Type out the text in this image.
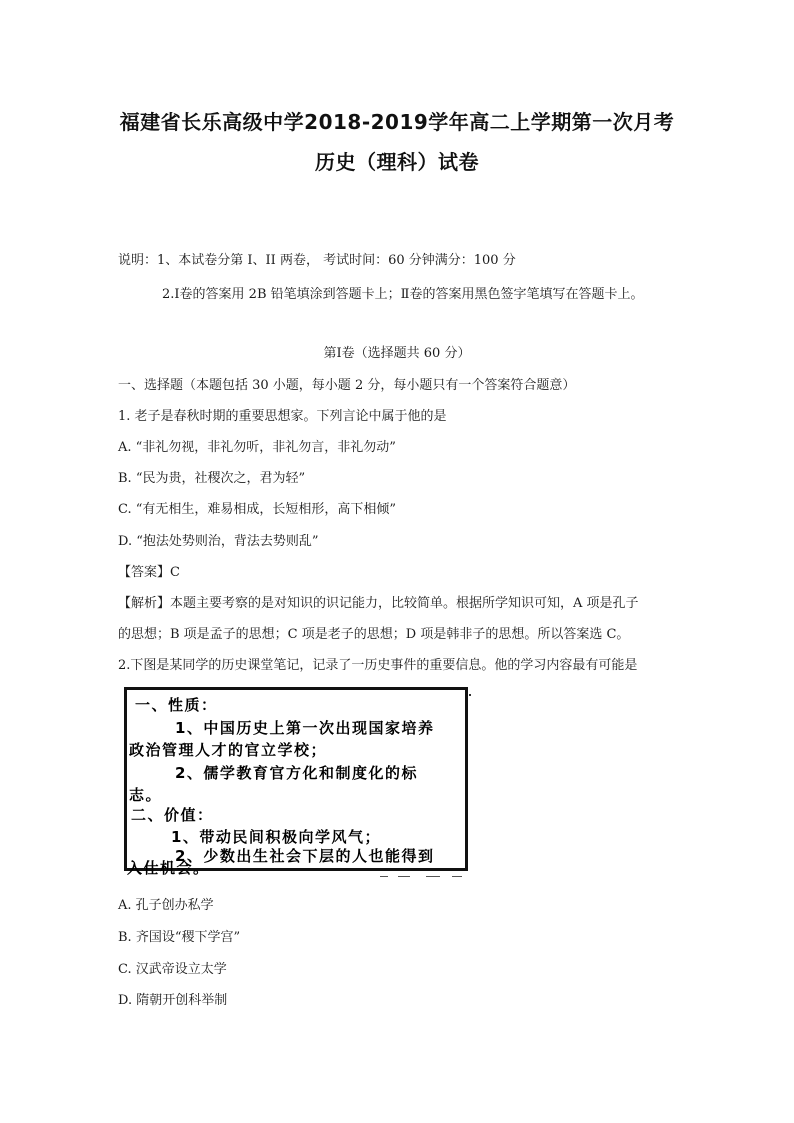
福建省长乐高级中学2018-2019学年高二上学期第一次月考
历史（理科）试卷
说明：1、本试卷分第 I、II 两卷， 考试时间：60 分钟满分：100 分
2.Ⅰ卷的答案用 2B 铅笔填涂到答题卡上；Ⅱ卷的答案用黑色签字笔填写在答题卡上。
第Ⅰ卷（选择题共 60 分）
一、选择题（本题包括 30 小题，每小题 2 分，每小题只有一个答案符合题意）
1. 老子是春秋时期的重要思想家。下列言论中属于他的是
A. “非礼勿视，非礼勿听，非礼勿言，非礼勿动”
B. “民为贵，社稷次之，君为轻”
C. “有无相生，难易相成，长短相形，高下相倾”
D. “抱法处势则治，背法去势则乱”
【答案】C
【解析】本题主要考察的是对知识的识记能力，比较简单。根据所学知识可知，A 项是孔子
的思想；B 项是孟子的思想；C 项是老子的思想；D 项是韩非子的思想。所以答案选 C。
2.下图是某同学的历史课堂笔记，记录了一历史事件的重要信息。他的学习内容最有可能是
一、性质：
1、中国历史上第一次出现国家培养
政治管理人才的官立学校；
2、儒学教育官方化和制度化的标
志。
二、价值：
1、带动民间积极向学风气；
2、少数出生社会下层的人也能得到
入仕机会。
A. 孔子创办私学
B. 齐国设“稷下学宫”
C. 汉武帝设立太学
D. 隋朝开创科举制
